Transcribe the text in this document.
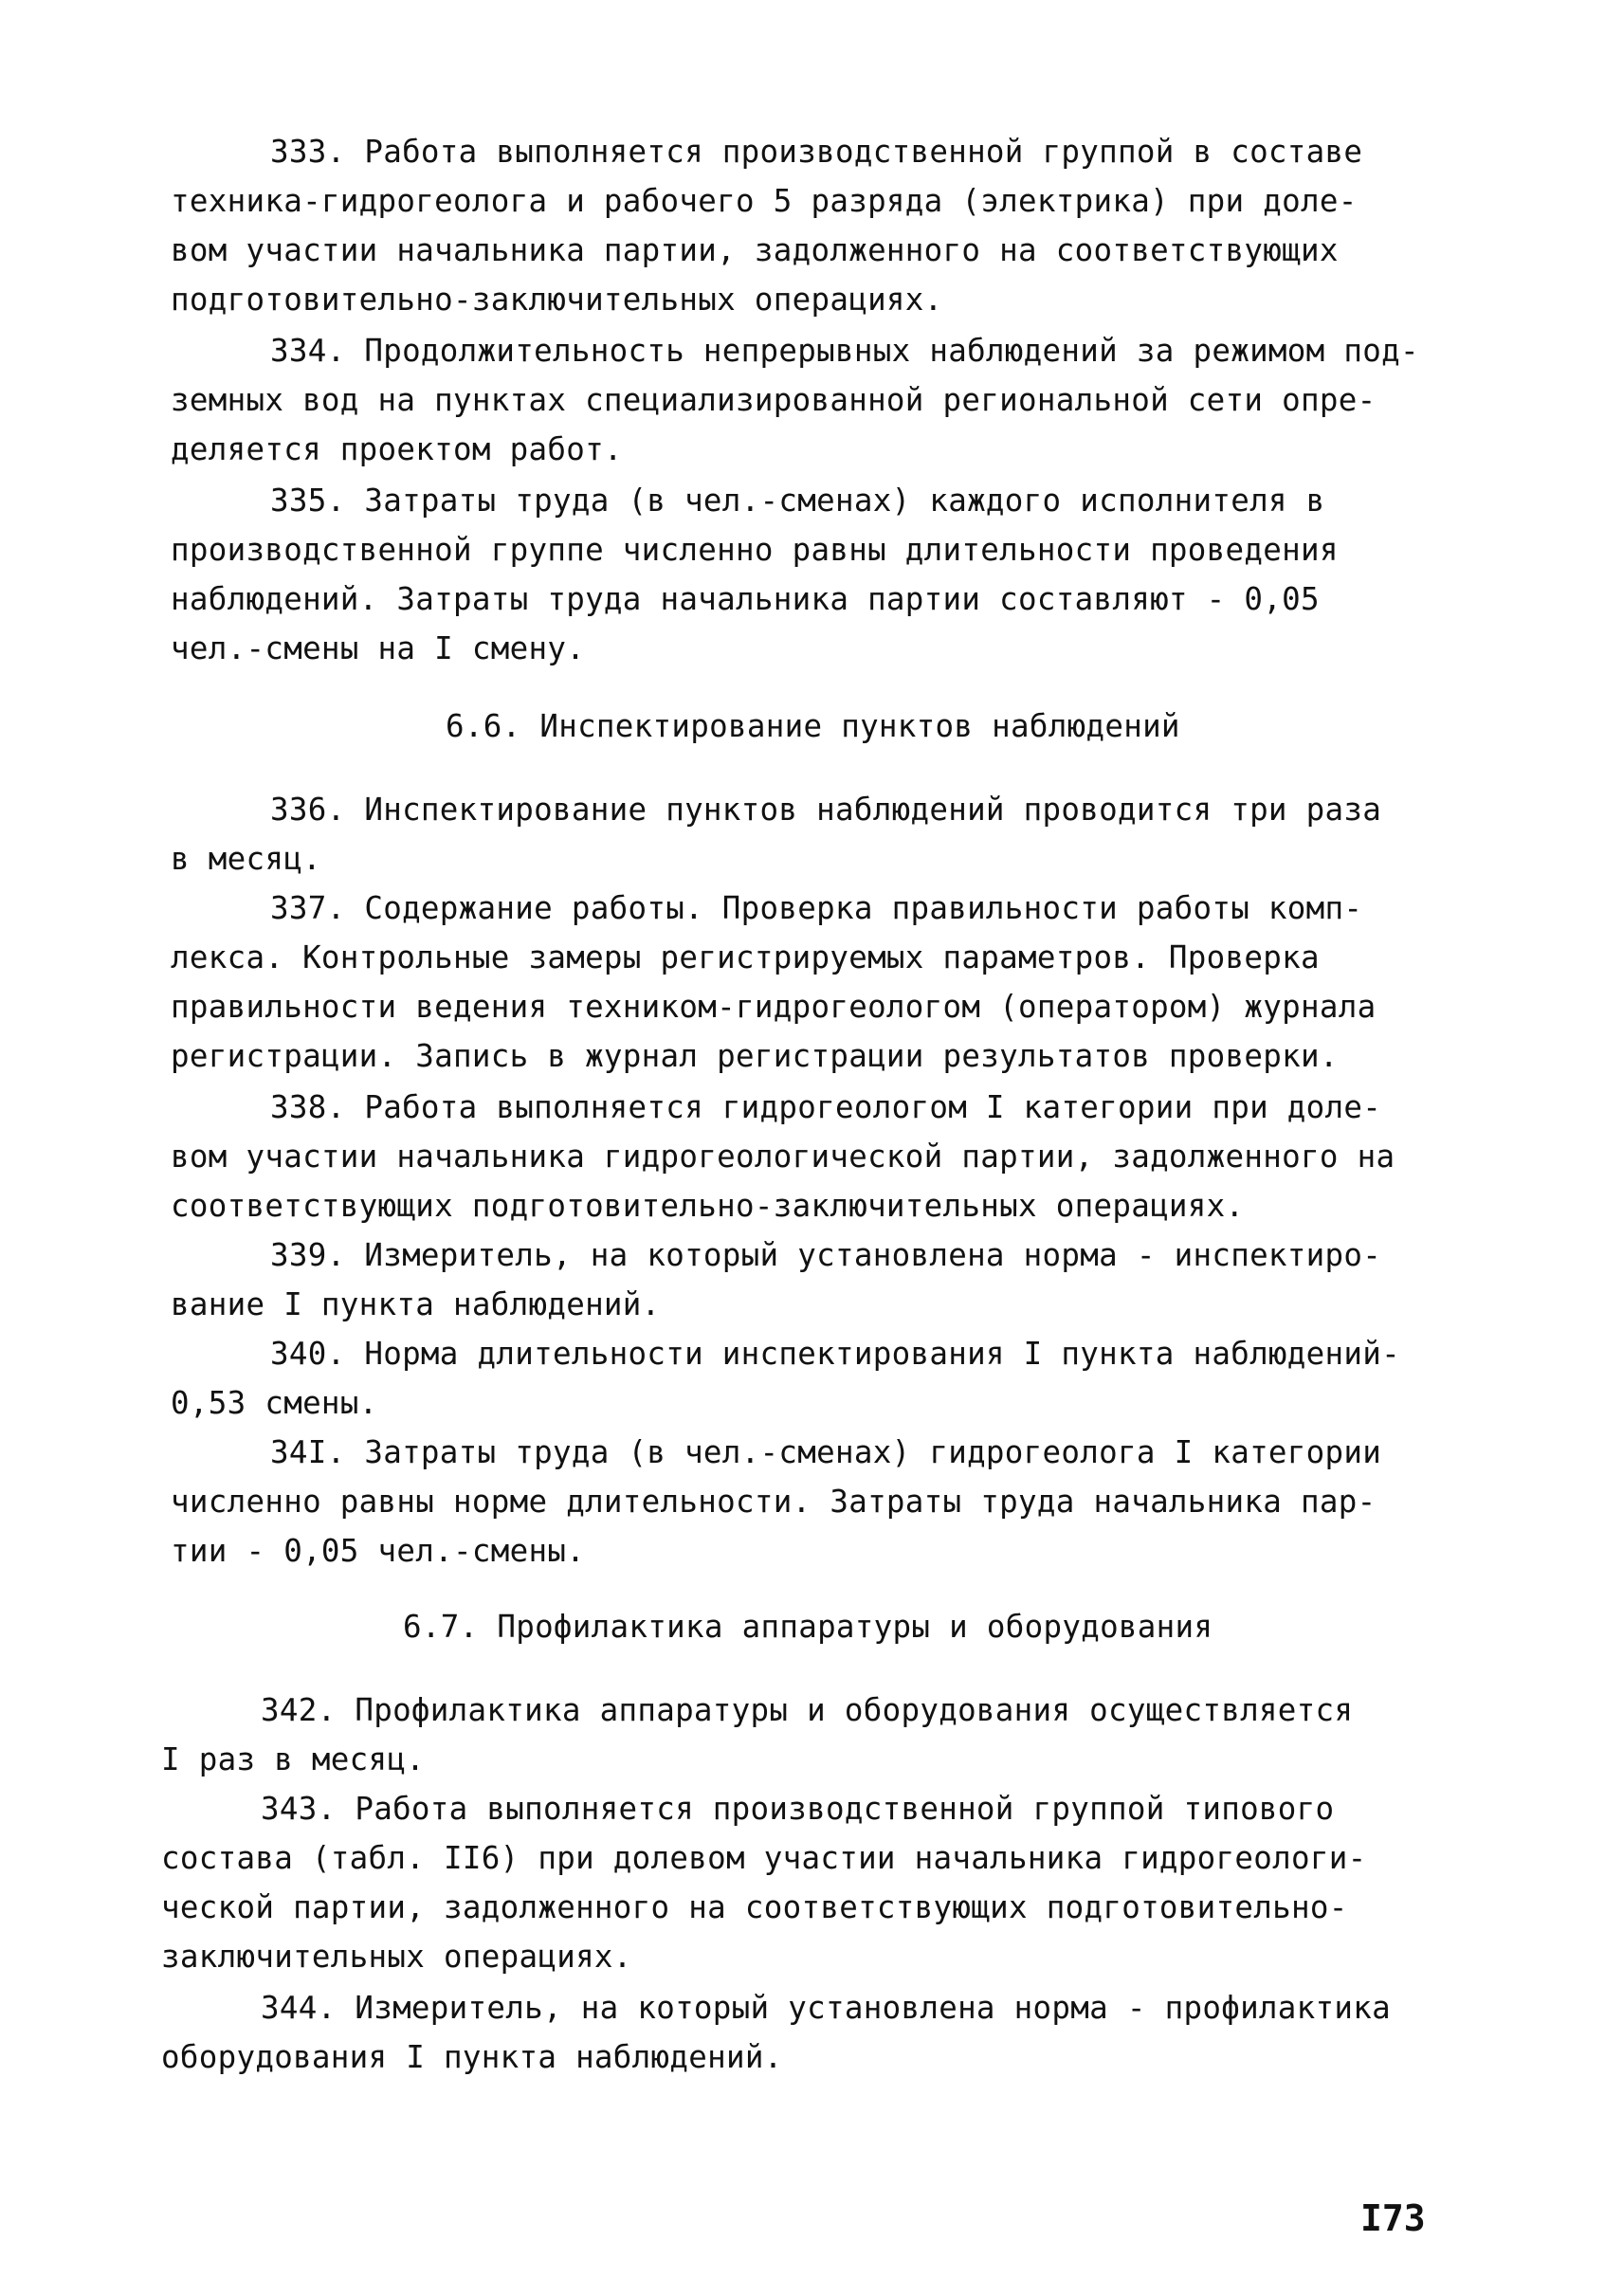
333. Работа выполняется производственной группой в составе
техника-гидрогеолога и рабочего 5 разряда (электрика) при доле-
вом участии начальника партии, задолженного на соответствующих
подготовительно-заключительных операциях.
334. Продолжительность непрерывных наблюдений за режимом под-
земных вод на пунктах специализированной региональной сети опре-
деляется проектом работ.
335. Затраты труда (в чел.-сменах) каждого исполнителя в
производственной группе численно равны длительности проведения
наблюдений. Затраты труда начальника партии составляют - 0,05
чел.-смены на I смену.
6.6. Инспектирование пунктов наблюдений
336. Инспектирование пунктов наблюдений проводится три раза
в месяц.
337. Содержание работы. Проверка правильности работы комп-
лекса. Контрольные замеры регистрируемых параметров. Проверка
правильности ведения техником-гидрогеологом (оператором) журнала
регистрации. Запись в журнал регистрации результатов проверки.
338. Работа выполняется гидрогеологом I категории при доле-
вом участии начальника гидрогеологической партии, задолженного на
соответствующих подготовительно-заключительных операциях.
339. Измеритель, на который установлена норма - инспектиро-
вание I пункта наблюдений.
340. Норма длительности инспектирования I пункта наблюдений-
0,53 смены.
34I. Затраты труда (в чел.-сменах) гидрогеолога I категории
численно равны норме длительности. Затраты труда начальника пар-
тии - 0,05 чел.-смены.
6.7. Профилактика аппаратуры и оборудования
342. Профилактика аппаратуры и оборудования осуществляется
I раз в месяц.
343. Работа выполняется производственной группой типового
состава (табл. II6) при долевом участии начальника гидрогеологи-
ческой партии, задолженного на соответствующих подготовительно-
заключительных операциях.
344. Измеритель, на который установлена норма - профилактика
оборудования I пункта наблюдений.
I73
